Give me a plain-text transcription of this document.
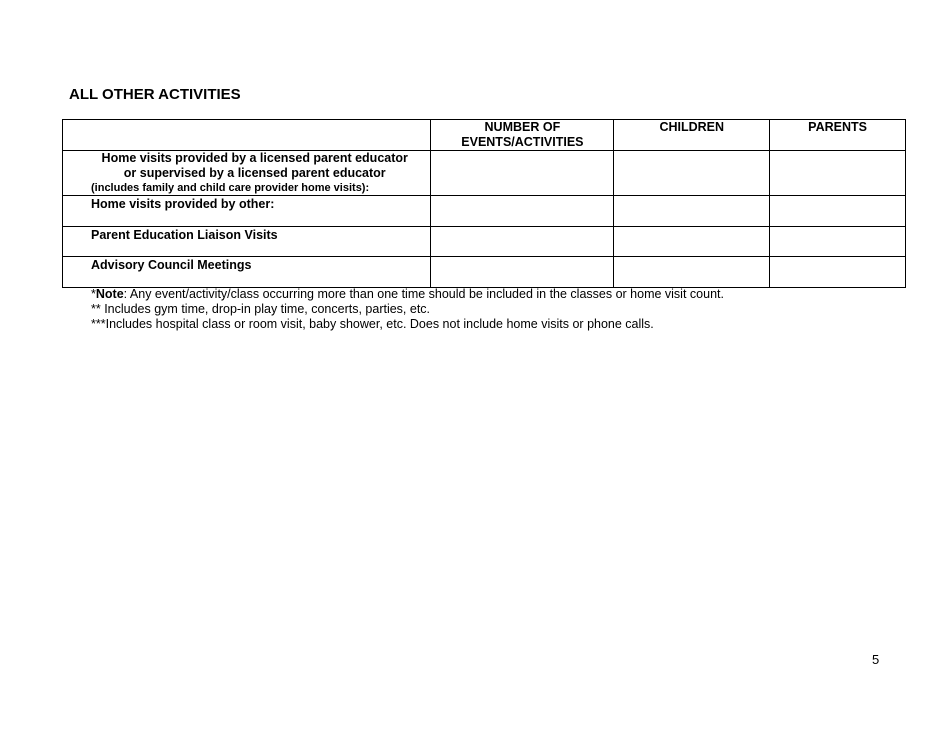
ALL OTHER ACTIVITIES
	NUMBER OF
EVENTS/ACTIVITIES	CHILDREN	PARENTS

Home visits provided by a licensed parent educator
or supervised by a licensed parent educator
(includes family and child care provider home visits):			

Home visits provided by other:			
Parent Education Liaison Visits			
Advisory Council Meetings			
*Note: Any event/activity/class occurring more than one time should be included in the classes or home visit count.
** Includes gym time, drop-in play time, concerts, parties, etc.
***Includes hospital class or room visit, baby shower, etc. Does not include home visits or phone calls.
5
